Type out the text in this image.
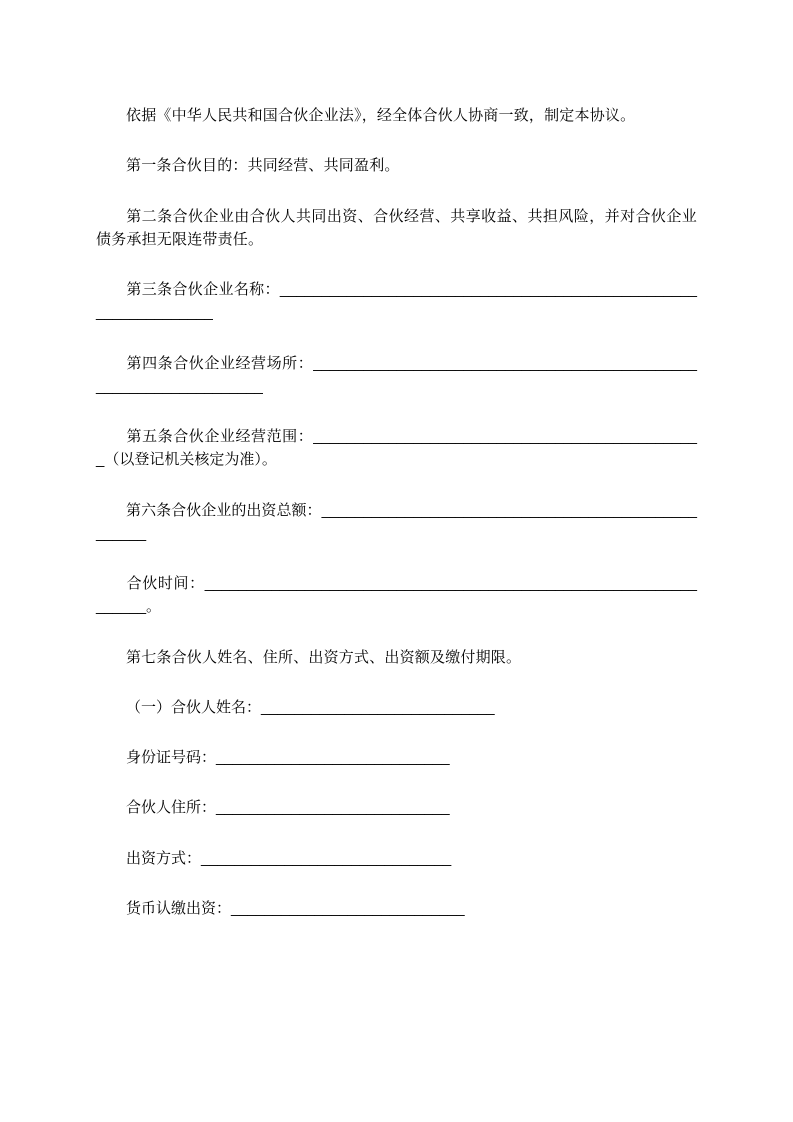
依据《中华人民共和国合伙企业法》，经全体合伙人协商一致，制定本协议。

第一条合伙目的：共同经营、共同盈利。

第二条合伙企业由合伙人共同出资、合伙经营、共享收益、共担风险，并对合伙企业债务承担无限连带责任。

第三条合伙企业名称：________________________________________________________________

第四条合伙企业经营场所：__________________________________________________________________

第五条合伙企业经营范围：_______________________________________________（以登记机关核定为准）。

第六条合伙企业的出资总额：___________________________________________________

合伙时间：_________________________________________________________________。

第七条合伙人姓名、住所、出资方式、出资额及缴付期限。

（一）合伙人姓名：____________________________

身份证号码：____________________________

合伙人住所：____________________________

出资方式：______________________________

货币认缴出资：____________________________
